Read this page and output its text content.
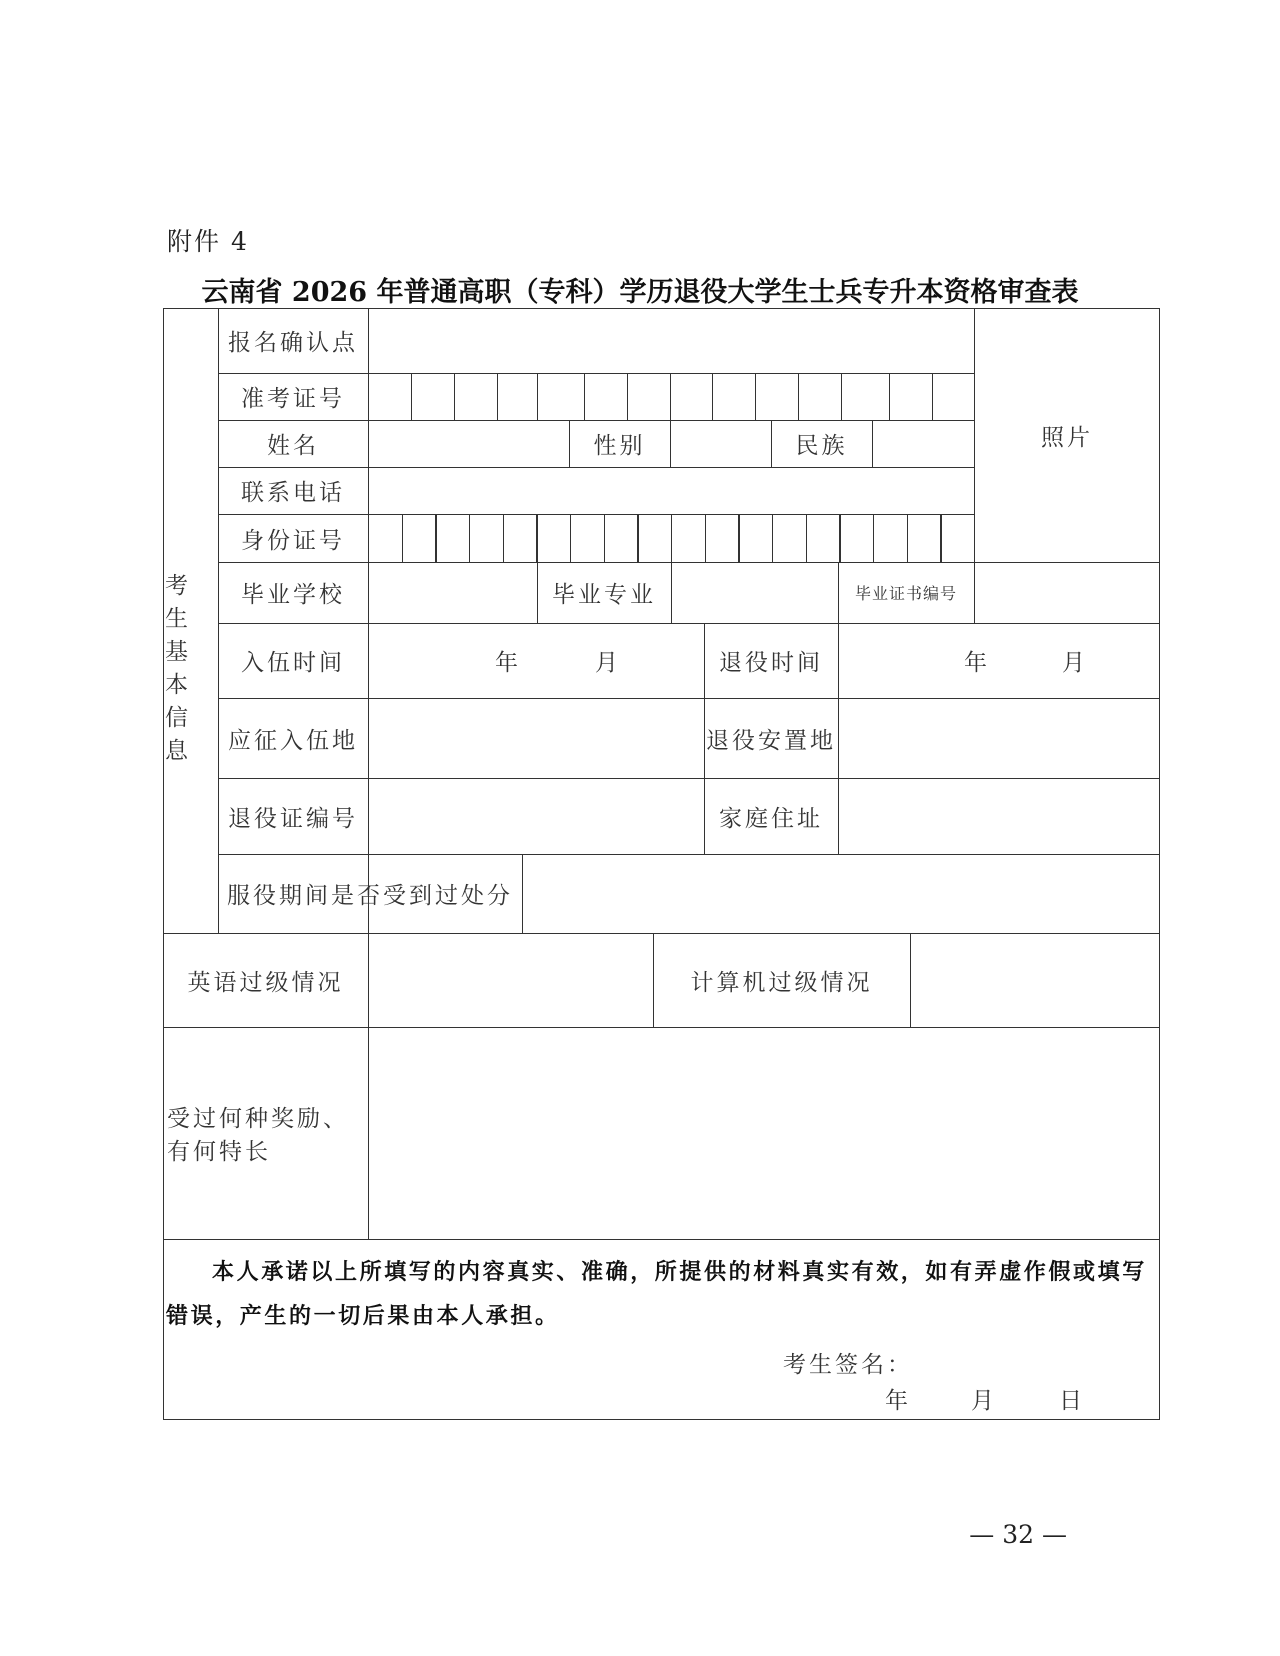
附件 4
云南省 2026 年普通高职（专科）学历退役大学生士兵专升本资格审查表
考生基本信息
报名确认点
照片
准考证号
姓名	性别	民族
联系电话
身份证号
毕业学校	毕业专业	毕业证书编号
入伍时间	年	月	退役时间	年	月
应征入伍地	退役安置地
退役证编号	家庭住址
服役期间是否受到过处分
英语过级情况	计算机过级情况
受过何种奖励、有何特长
本人承诺以上所填写的内容真实、准确，所提供的材料真实有效，如有弄虚作假或填写错误，产生的一切后果由本人承担。
考生签名：
年	月	日
— 32 —
